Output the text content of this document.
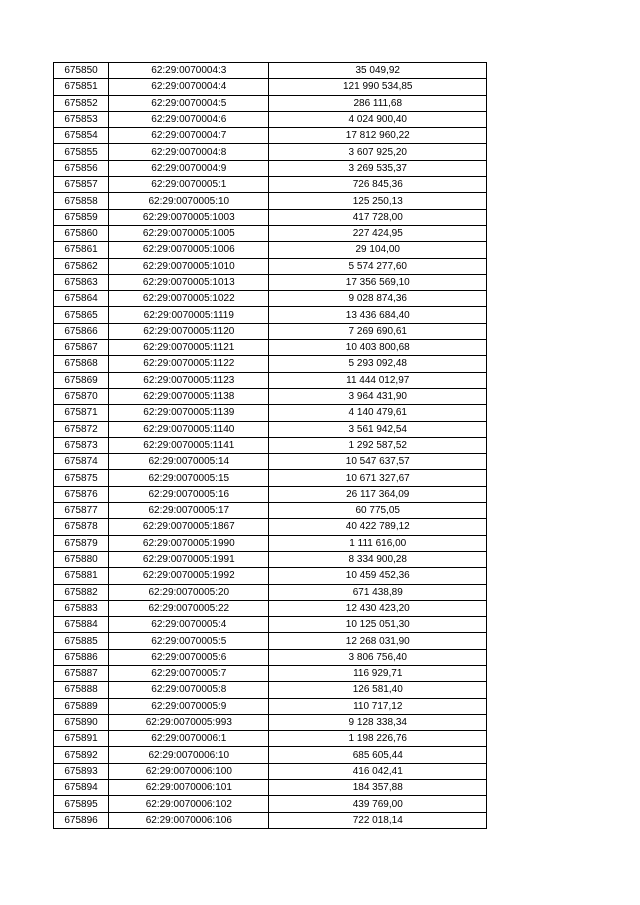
675850	62:29:0070004:3	35 049,92
675851	62:29:0070004:4	121 990 534,85
675852	62:29:0070004:5	286 111,68
675853	62:29:0070004:6	4 024 900,40
675854	62:29:0070004:7	17 812 960,22
675855	62:29:0070004:8	3 607 925,20
675856	62:29:0070004:9	3 269 535,37
675857	62:29:0070005:1	726 845,36
675858	62:29:0070005:10	125 250,13
675859	62:29:0070005:1003	417 728,00
675860	62:29:0070005:1005	227 424,95
675861	62:29:0070005:1006	29 104,00
675862	62:29:0070005:1010	5 574 277,60
675863	62:29:0070005:1013	17 356 569,10
675864	62:29:0070005:1022	9 028 874,36
675865	62:29:0070005:1119	13 436 684,40
675866	62:29:0070005:1120	7 269 690,61
675867	62:29:0070005:1121	10 403 800,68
675868	62:29:0070005:1122	5 293 092,48
675869	62:29:0070005:1123	11 444 012,97
675870	62:29:0070005:1138	3 964 431,90
675871	62:29:0070005:1139	4 140 479,61
675872	62:29:0070005:1140	3 561 942,54
675873	62:29:0070005:1141	1 292 587,52
675874	62:29:0070005:14	10 547 637,57
675875	62:29:0070005:15	10 671 327,67
675876	62:29:0070005:16	26 117 364,09
675877	62:29:0070005:17	60 775,05
675878	62:29:0070005:1867	40 422 789,12
675879	62:29:0070005:1990	1 111 616,00
675880	62:29:0070005:1991	8 334 900,28
675881	62:29:0070005:1992	10 459 452,36
675882	62:29:0070005:20	671 438,89
675883	62:29:0070005:22	12 430 423,20
675884	62:29:0070005:4	10 125 051,30
675885	62:29:0070005:5	12 268 031,90
675886	62:29:0070005:6	3 806 756,40
675887	62:29:0070005:7	116 929,71
675888	62:29:0070005:8	126 581,40
675889	62:29:0070005:9	110 717,12
675890	62:29:0070005:993	9 128 338,34
675891	62:29:0070006:1	1 198 226,76
675892	62:29:0070006:10	685 605,44
675893	62:29:0070006:100	416 042,41
675894	62:29:0070006:101	184 357,88
675895	62:29:0070006:102	439 769,00
675896	62:29:0070006:106	722 018,14
